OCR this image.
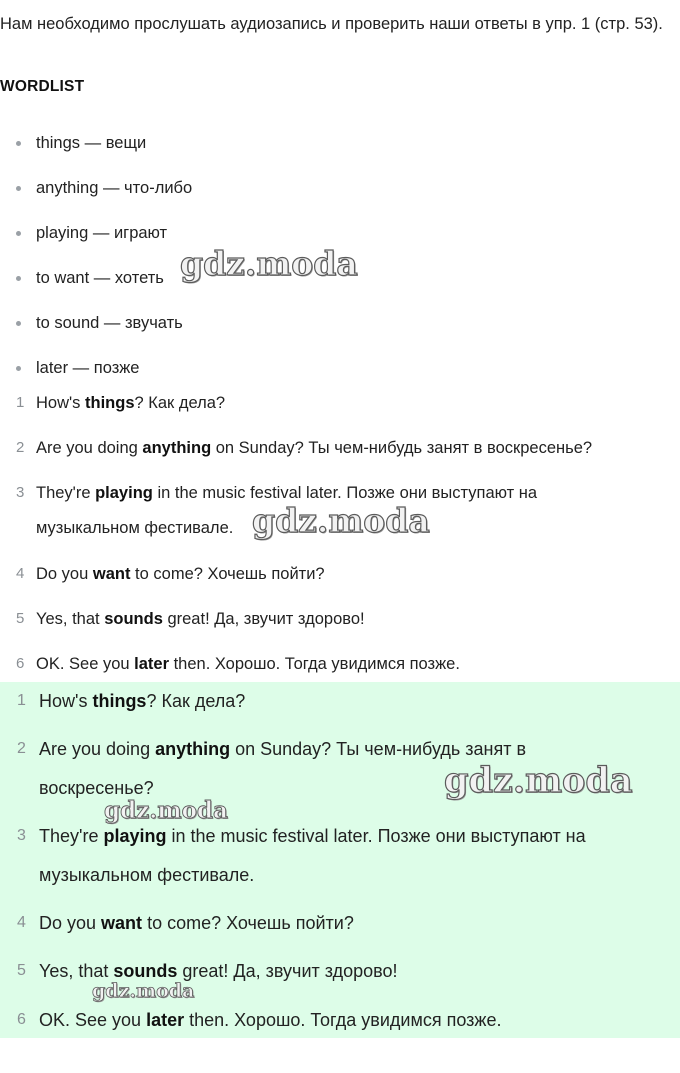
Нам необходимо прослушать аудиозапись и проверить наши ответы в упр. 1 (стр. 53).
WORDLIST
things — вещи
anything — что-либо
playing — играют
to want — хотеть
to sound — звучать
later — позже
1 How's things? Как дела?
2 Are you doing anything on Sunday? Ты чем-нибудь занят в воскресенье?
3 They're playing in the music festival later. Позже они выступают на музыкальном фестивале.
4 Do you want to come? Хочешь пойти?
5 Yes, that sounds great! Да, звучит здорово!
6 OK. See you later then. Хорошо. Тогда увидимся позже.
1 How's things? Как дела?
2 Are you doing anything on Sunday? Ты чем-нибудь занят в воскресенье?
3 They're playing in the music festival later. Позже они выступают на музыкальном фестивале.
4 Do you want to come? Хочешь пойти?
5 Yes, that sounds great! Да, звучит здорово!
6 OK. See you later then. Хорошо. Тогда увидимся позже.
gdz.moda
gdz.moda
gdz.moda
gdz.moda
gdz.moda
